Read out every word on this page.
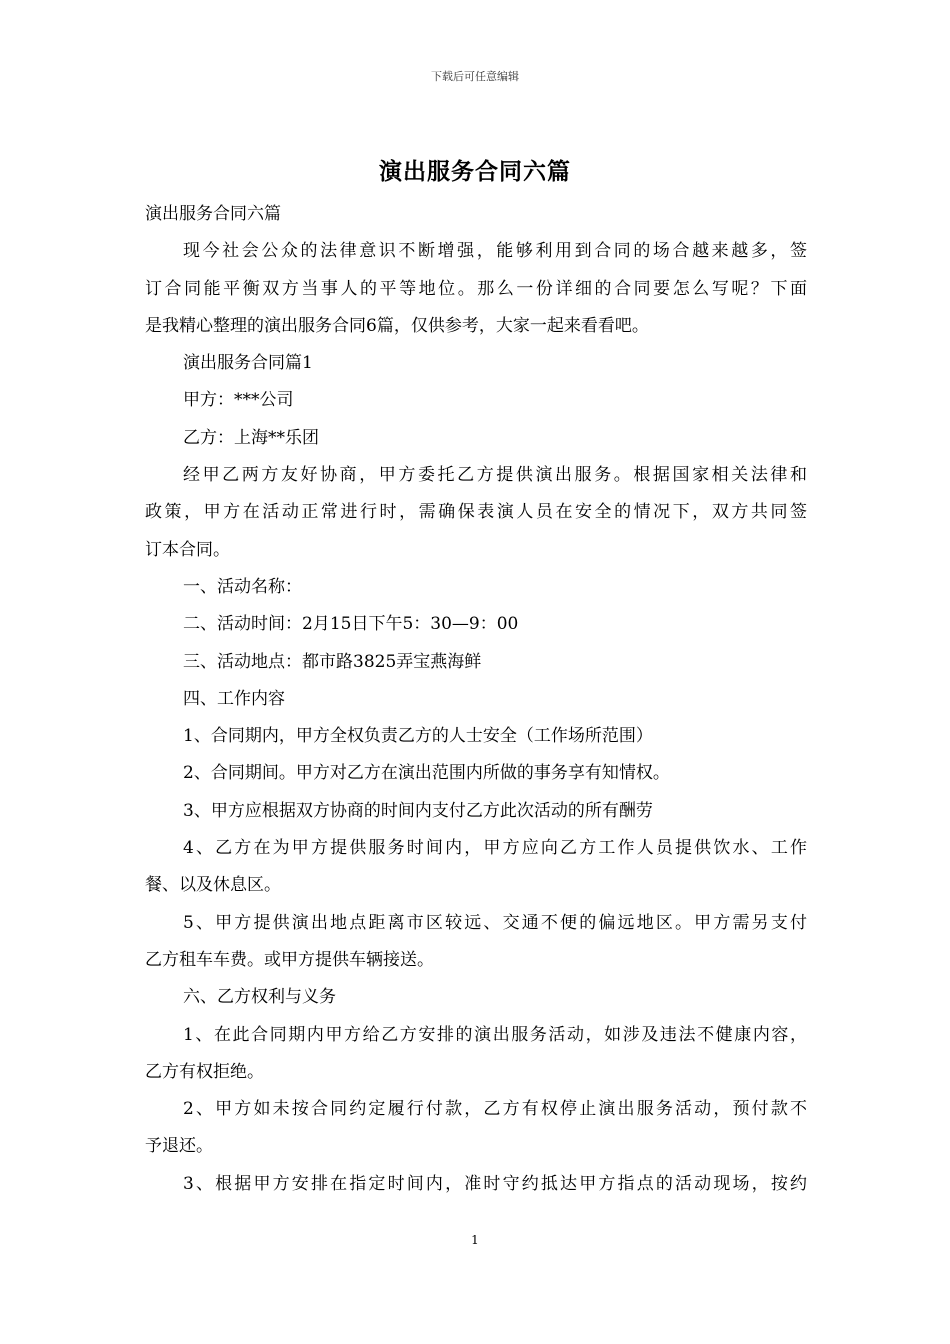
下载后可任意编辑
演出服务合同六篇
演出服务合同六篇
现今社会公众的法律意识不断增强，能够利用到合同的场合越来越多，签
订合同能平衡双方当事人的平等地位。那么一份详细的合同要怎么写呢？下面
是我精心整理的演出服务合同6篇，仅供参考，大家一起来看看吧。
演出服务合同篇1
甲方：***公司
乙方：上海**乐团
经甲乙两方友好协商，甲方委托乙方提供演出服务。根据国家相关法律和
政策，甲方在活动正常进行时，需确保表演人员在安全的情况下，双方共同签
订本合同。
一、活动名称：
二、活动时间：2月15日下午5：30—9：00
三、活动地点：都市路3825弄宝燕海鲜
四、工作内容
1、合同期内，甲方全权负责乙方的人士安全（工作场所范围）
2、合同期间。甲方对乙方在演出范围内所做的事务享有知情权。
3、甲方应根据双方协商的时间内支付乙方此次活动的所有酬劳
4、乙方在为甲方提供服务时间内，甲方应向乙方工作人员提供饮水、工作
餐、以及休息区。
5、甲方提供演出地点距离市区较远、交通不便的偏远地区。甲方需另支付
乙方租车车费。或甲方提供车辆接送。
六、乙方权利与义务
1、在此合同期内甲方给乙方安排的演出服务活动，如涉及违法不健康内容，
乙方有权拒绝。
2、甲方如未按合同约定履行付款，乙方有权停止演出服务活动，预付款不
予退还。
3、根据甲方安排在指定时间内，准时守约抵达甲方指点的活动现场，按约
1
